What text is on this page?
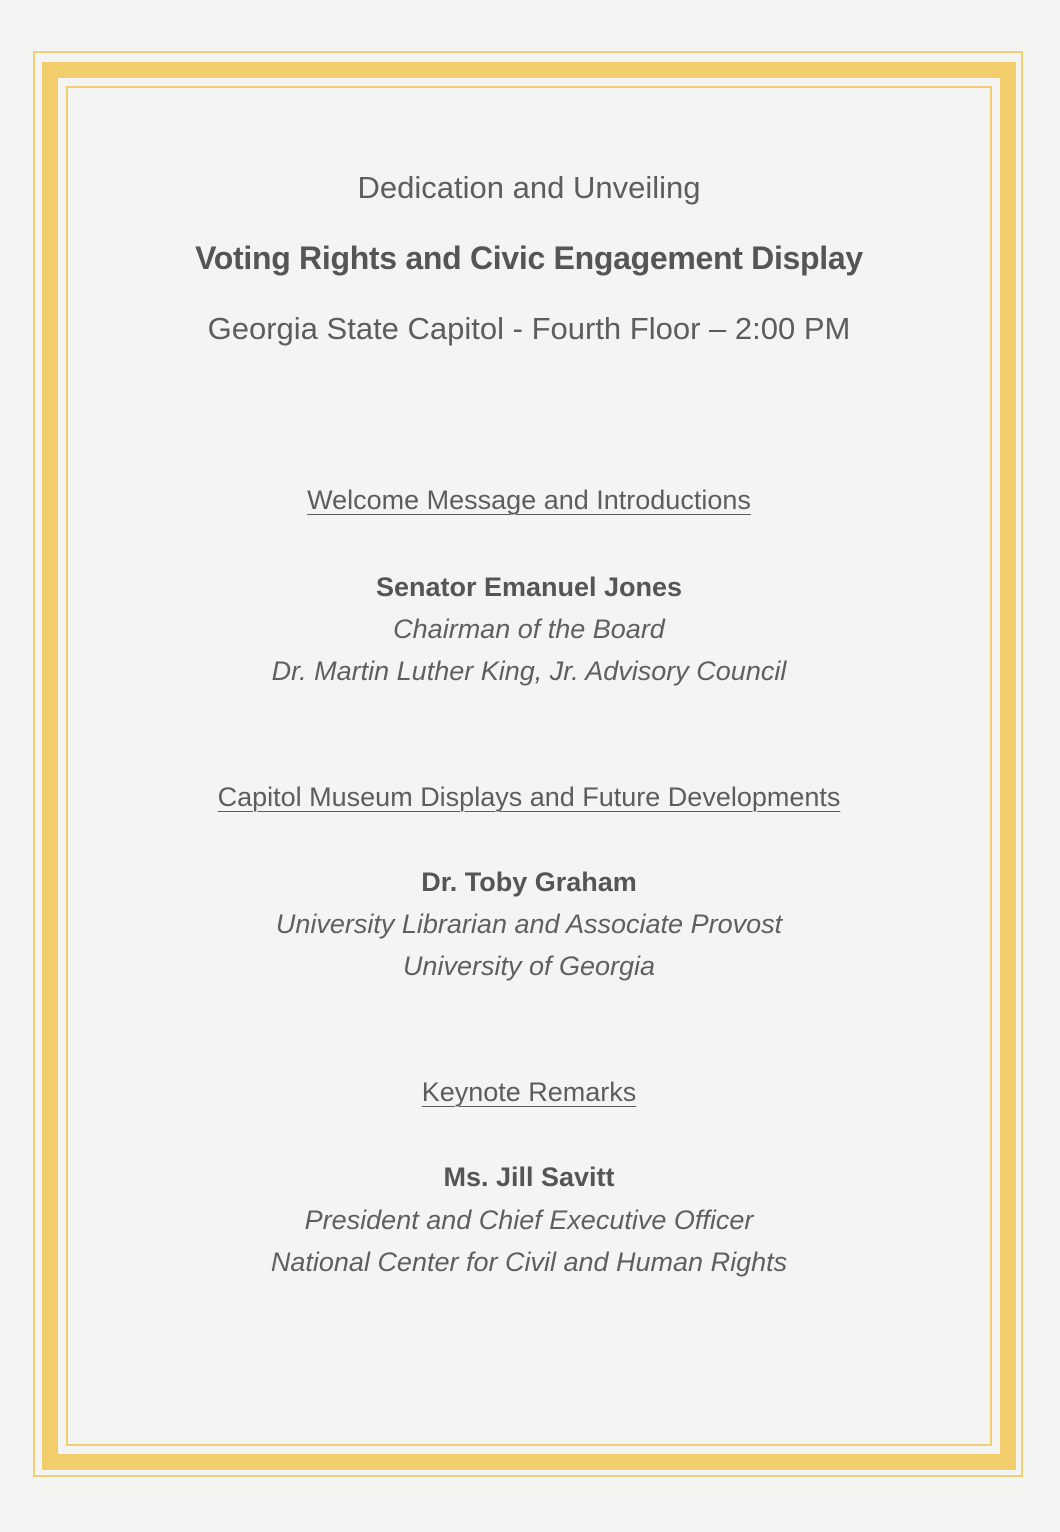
Dedication and Unveiling
Voting Rights and Civic Engagement Display
Georgia State Capitol - Fourth Floor – 2:00 PM
Welcome Message and Introductions
Senator Emanuel Jones
Chairman of the Board
Dr. Martin Luther King, Jr. Advisory Council
Capitol Museum Displays and Future Developments
Dr. Toby Graham
University Librarian and Associate Provost
University of Georgia
Keynote Remarks
Ms. Jill Savitt
President and Chief Executive Officer
National Center for Civil and Human Rights
